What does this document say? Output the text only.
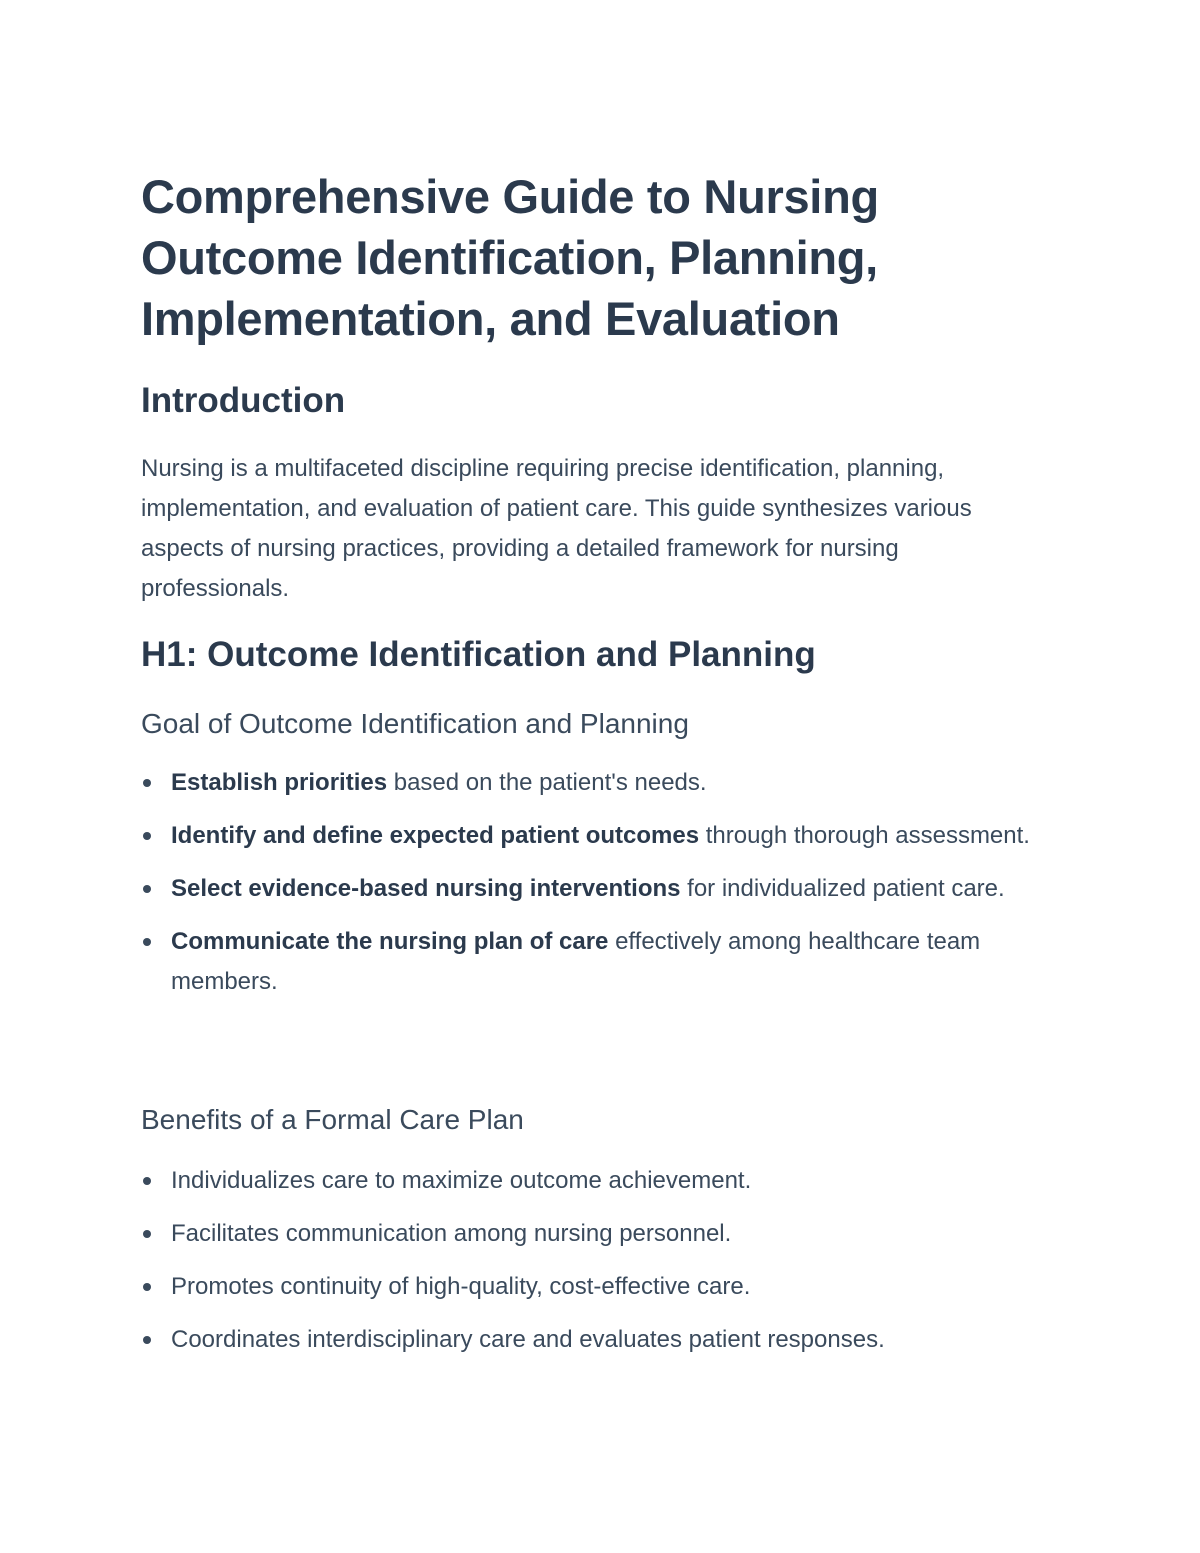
Comprehensive Guide to Nursing Outcome Identification, Planning, Implementation, and Evaluation
Introduction

Nursing is a multifaceted discipline requiring precise identification, planning, implementation, and evaluation of patient care. This guide synthesizes various aspects of nursing practices, providing a detailed framework for nursing professionals.

H1: Outcome Identification and Planning
Goal of Outcome Identification and Planning
Establish priorities based on the patient's needs.
Identify and define expected patient outcomes through thorough assessment.
Select evidence-based nursing interventions for individualized patient care.
Communicate the nursing plan of care effectively among healthcare team members.
Benefits of a Formal Care Plan
Individualizes care to maximize outcome achievement.
Facilitates communication among nursing personnel.
Promotes continuity of high-quality, cost-effective care.
Coordinates interdisciplinary care and evaluates patient responses.
